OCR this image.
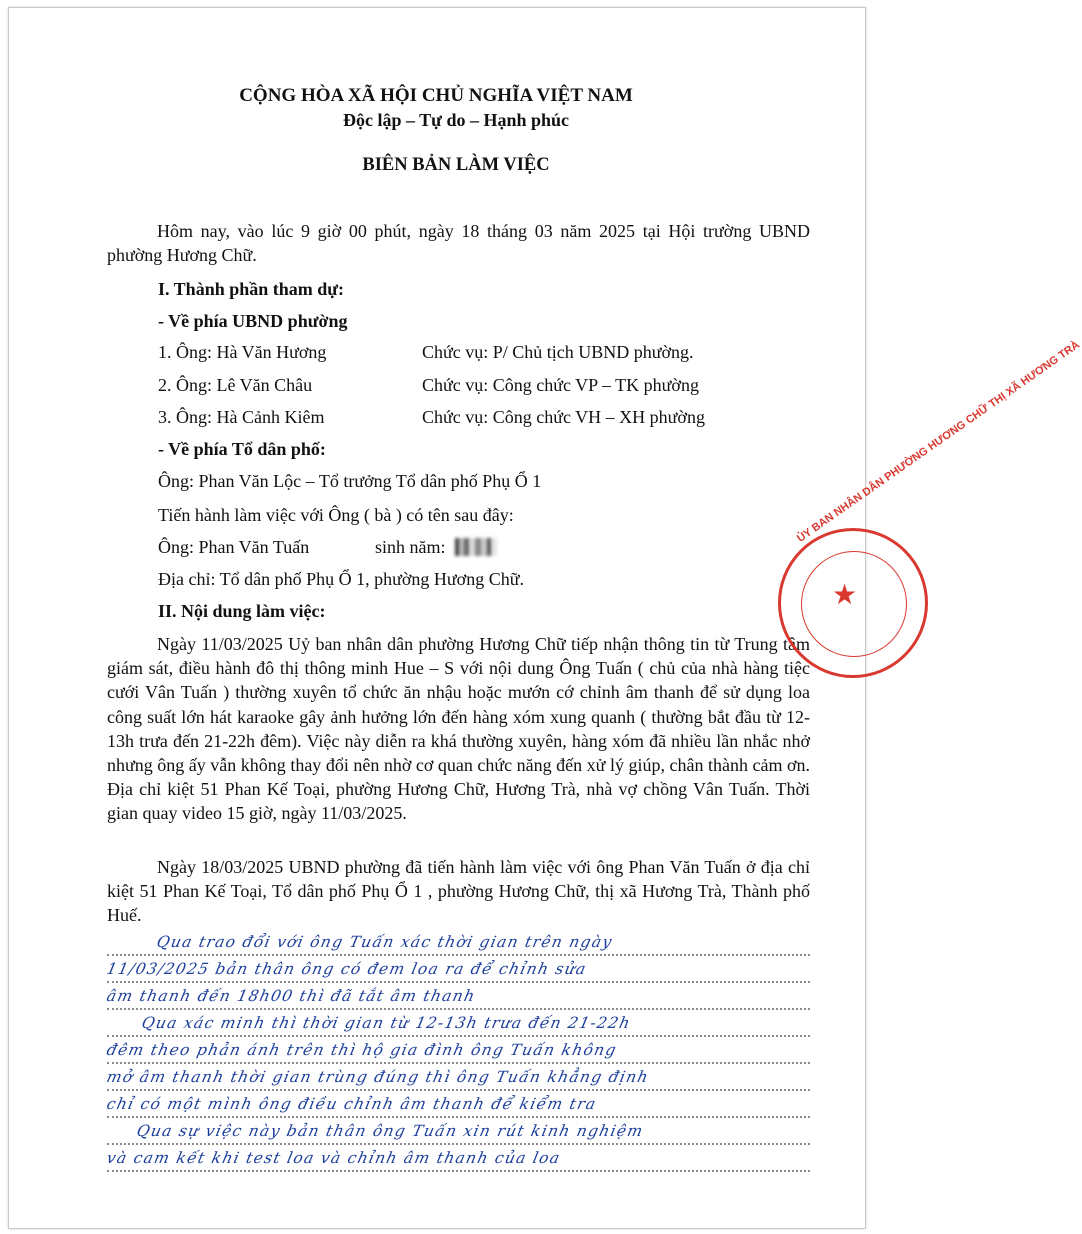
CỘNG HÒA XÃ HỘI CHỦ NGHĨA VIỆT NAM
Độc lập – Tự do – Hạnh phúc
BIÊN BẢN LÀM VIỆC
Hôm nay, vào lúc 9 giờ 00 phút, ngày 18 tháng 03 năm 2025 tại Hội trường UBND phường Hương Chữ.
I. Thành phần tham dự:
- Về phía UBND phường
1. Ông: Hà Văn Hương	Chức vụ: P/ Chủ tịch UBND phường.
2. Ông: Lê Văn Châu	Chức vụ: Công chức VP – TK phường
3. Ông: Hà Cảnh Kiêm	Chức vụ: Công chức VH – XH phường
- Về phía Tổ dân phố:
Ông: Phan Văn Lộc – Tổ trưởng Tổ dân phố Phụ Ổ 1
Tiến hành làm việc với Ông ( bà ) có tên sau đây:
Ông: Phan Văn Tuấn	sinh năm:
Địa chỉ: Tổ dân phố Phụ Ổ 1, phường Hương Chữ.
II. Nội dung làm việc:
Ngày 11/03/2025 Uỷ ban nhân dân phường Hương Chữ tiếp nhận thông tin từ Trung tâm giám sát, điều hành đô thị thông minh Hue – S với nội dung Ông Tuấn ( chủ của nhà hàng tiệc cưới Vân Tuấn ) thường xuyên tổ chức ăn nhậu hoặc mướn cớ chỉnh âm thanh để sử dụng loa công suất lớn hát karaoke gây ảnh hưởng lớn đến hàng xóm xung quanh ( thường bắt đầu từ 12-13h trưa đến 21-22h đêm). Việc này diễn ra khá thường xuyên, hàng xóm đã nhiều lần nhắc nhở nhưng ông ấy vẫn không thay đổi nên nhờ cơ quan chức năng đến xử lý giúp, chân thành cảm ơn. Địa chỉ kiệt 51 Phan Kế Toại, phường Hương Chữ, Hương Trà, nhà vợ chồng Vân Tuấn. Thời gian quay video 15 giờ, ngày 11/03/2025.
Ngày 18/03/2025 UBND phường đã tiến hành làm việc với ông Phan Văn Tuấn ở địa chỉ kiệt 51 Phan Kế Toại, Tổ dân phố Phụ Ổ 1 , phường Hương Chữ, thị xã Hương Trà, Thành phố Huế.
ỦY BAN NHÂN DÂN PHƯỜNG HƯƠNG CHỮ THỊ XÃ HƯƠNG TRÀ
★
Qua trao đổi với ông Tuấn xác thời gian trên ngày
11/03/2025 bản thân ông có đem loa ra để chỉnh sửa
âm thanh đến 18h00 thì đã tắt âm thanh
Qua xác minh thì thời gian từ 12-13h trưa đến 21-22h
đêm theo phản ánh trên thì hộ gia đình ông Tuấn không
mở âm thanh thời gian trùng đúng thì ông Tuấn khẳng định
chỉ có một mình ông điều chỉnh âm thanh để kiểm tra
Qua sự việc này bản thân ông Tuấn xin rút kinh nghiệm
và cam kết khi test loa và chỉnh âm thanh của loa
